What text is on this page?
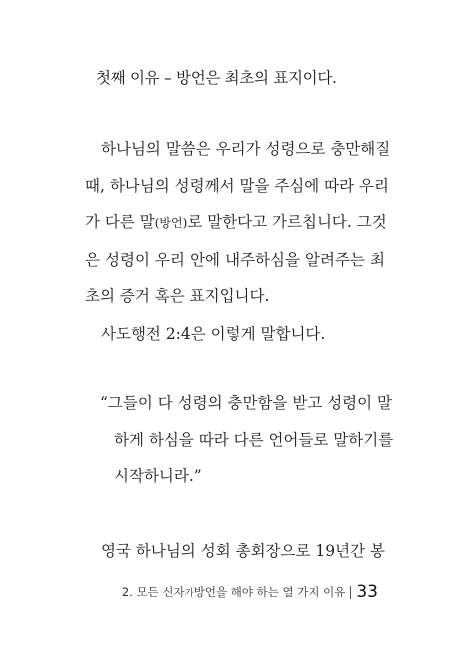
첫째 이유 – 방언은 최초의 표지이다.
하나님의 말씀은 우리가 성령으로 충만해질
때, 하나님의 성령께서 말을 주심에 따라 우리
가 다른 말(방언)로 말한다고 가르칩니다. 그것
은 성령이 우리 안에 내주하심을 알려주는 최
초의 증거 혹은 표지입니다.
사도행전 2:4은 이렇게 말합니다.
“그들이 다 성령의 충만함을 받고 성령이 말
하게 하심을 따라 다른 언어들로 말하기를
시작하니라.”
영국 하나님의 성회 총회장으로 19년간 봉
2. 모든 신자 가 방언을 해야 하는 열 가지 이유 33
